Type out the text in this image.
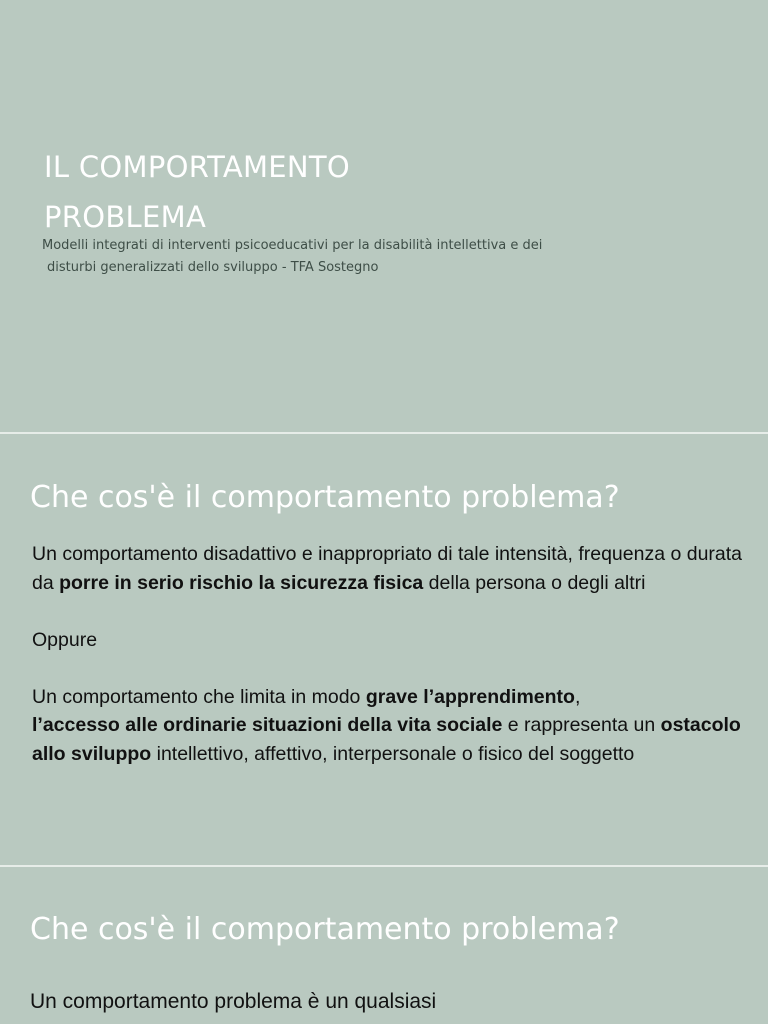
IL COMPORTAMENTO
PROBLEMA
Modelli integrati di interventi psicoeducativi per la disabilità intellettiva e dei
disturbi generalizzati dello sviluppo - TFA Sostegno
Che cos'è il comportamento problema?

Un comportamento disadattivo e inappropriato di tale intensità, frequenza o durata da porre in serio rischio la sicurezza fisica della persona o degli altri

Oppure

Un comportamento che limita in modo grave l’apprendimento,
l’accesso alle ordinarie situazioni della vita sociale e rappresenta un ostacolo allo sviluppo intellettivo, affettivo, interpersonale o fisico del soggetto

Che cos'è il comportamento problema?
Un comportamento problema è un qualsiasi
